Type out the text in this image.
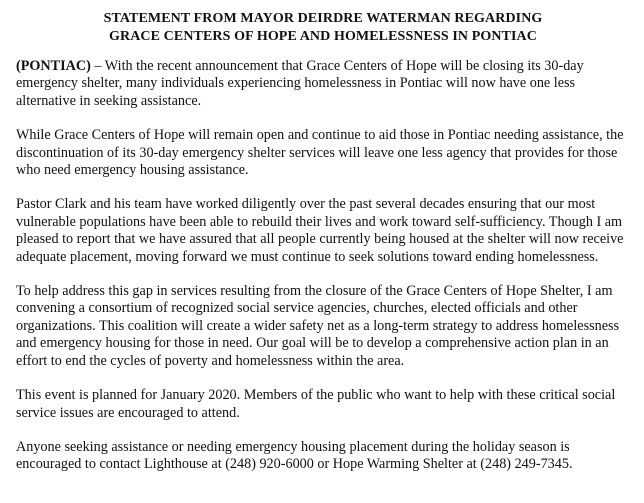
STATEMENT FROM MAYOR DEIRDRE WATERMAN REGARDING
GRACE CENTERS OF HOPE AND HOMELESSNESS IN PONTIAC

(PONTIAC) – With the recent announcement that Grace Centers of Hope will be closing its 30-day emergency shelter, many individuals experiencing homelessness in Pontiac will now have one less alternative in seeking assistance.

While Grace Centers of Hope will remain open and continue to aid those in Pontiac needing assistance, the discontinuation of its 30-day emergency shelter services will leave one less agency that provides for those who need emergency housing assistance.

Pastor Clark and his team have worked diligently over the past several decades ensuring that our most vulnerable populations have been able to rebuild their lives and work toward self-sufficiency. Though I am pleased to report that we have assured that all people currently being housed at the shelter will now receive adequate placement, moving forward we must continue to seek solutions toward ending homelessness.

To help address this gap in services resulting from the closure of the Grace Centers of Hope Shelter, I am convening a consortium of recognized social service agencies, churches, elected officials and other organizations. This coalition will create a wider safety net as a long-term strategy to address homelessness and emergency housing for those in need. Our goal will be to develop a comprehensive action plan in an effort to end the cycles of poverty and homelessness within the area.

This event is planned for January 2020. Members of the public who want to help with these critical social service issues are encouraged to attend.

Anyone seeking assistance or needing emergency housing placement during the holiday season is encouraged to contact Lighthouse at (248) 920-6000 or Hope Warming Shelter at (248) 249-7345.
